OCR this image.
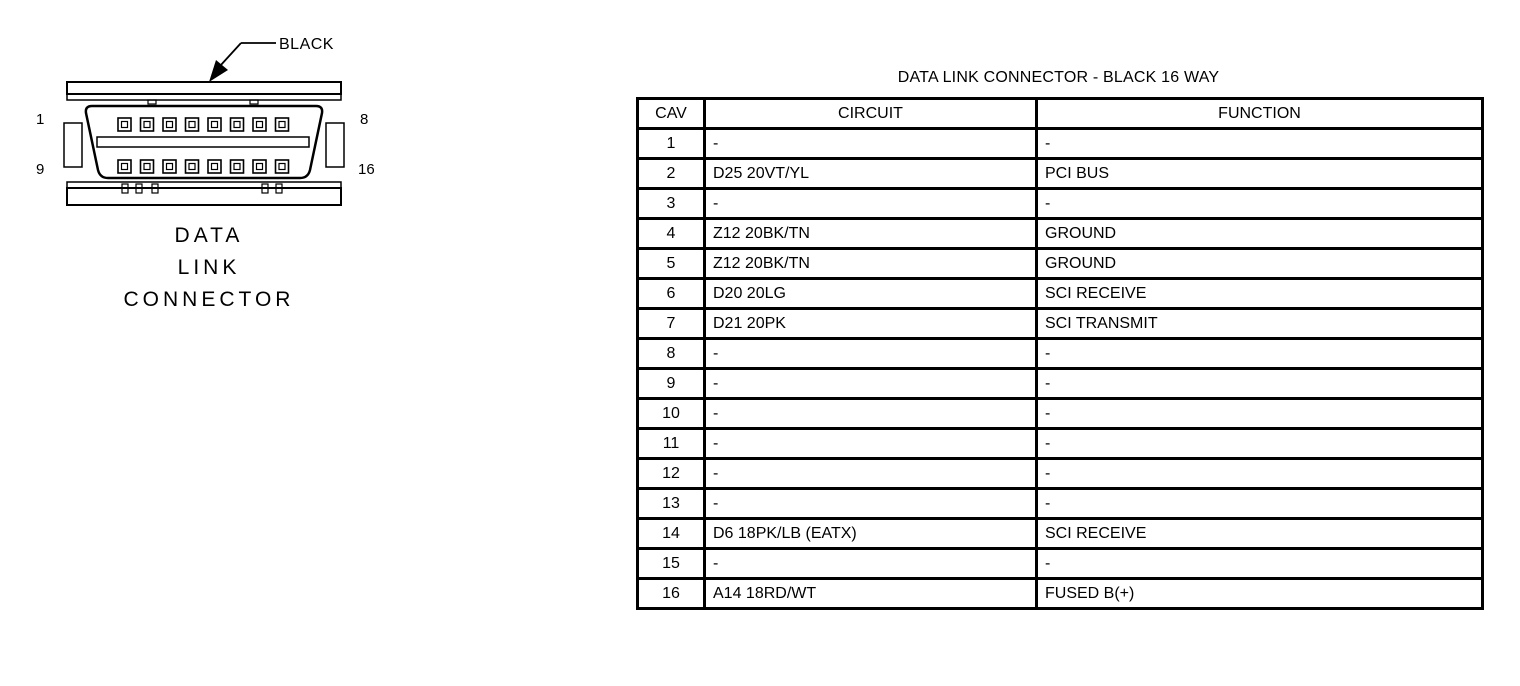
BLACK
1	8
9	16
DATA
LINK
CONNECTOR
DATA LINK CONNECTOR - BLACK 16 WAY
CAV	CIRCUIT	FUNCTION
1	-	-
2	D25 20VT/YL	PCI BUS
3	-	-
4	Z12 20BK/TN	GROUND
5	Z12 20BK/TN	GROUND
6	D20 20LG	SCI RECEIVE
7	D21 20PK	SCI TRANSMIT
8	-	-
9	-	-
10	-	-
11	-	-
12	-	-
13	-	-
14	D6 18PK/LB (EATX)	SCI RECEIVE
15	-	-
16	A14 18RD/WT	FUSED B(+)
